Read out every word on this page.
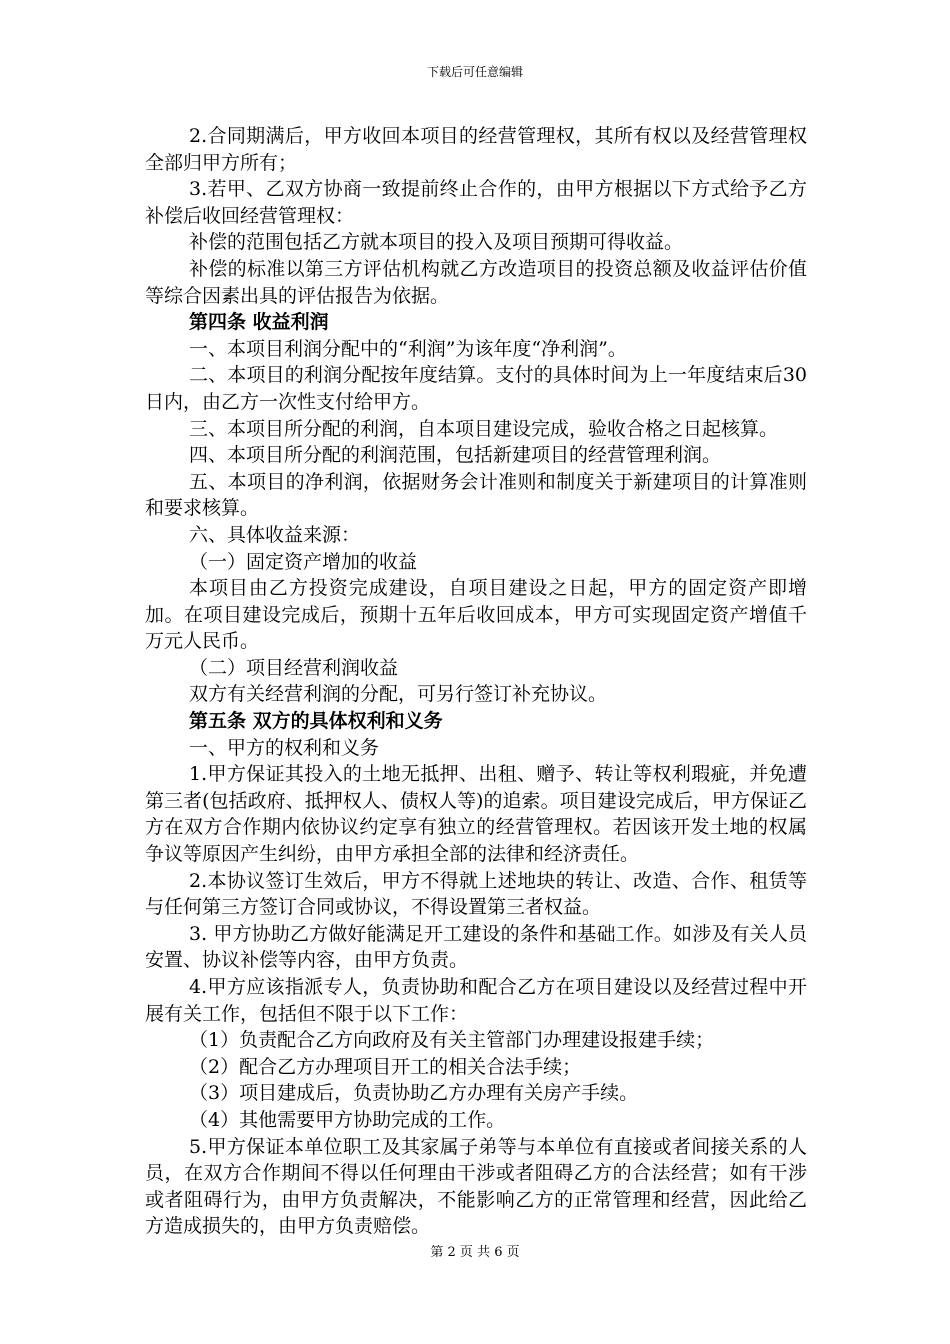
下载后可任意编辑

2.合同期满后，甲方收回本项目的经营管理权，其所有权以及经营管理权全部归甲方所有；

3.若甲、乙双方协商一致提前终止合作的，由甲方根据以下方式给予乙方补偿后收回经营管理权：

补偿的范围包括乙方就本项目的投入及项目预期可得收益。

补偿的标准以第三方评估机构就乙方改造项目的投资总额及收益评估价值等综合因素出具的评估报告为依据。

第四条 收益利润

一、本项目利润分配中的“利润”为该年度“净利润”。

二、本项目的利润分配按年度结算。支付的具体时间为上一年度结束后30日内，由乙方一次性支付给甲方。

三、本项目所分配的利润，自本项目建设完成，验收合格之日起核算。

四、本项目所分配的利润范围，包括新建项目的经营管理利润。

五、本项目的净利润，依据财务会计准则和制度关于新建项目的计算准则和要求核算。

六、具体收益来源：

（一）固定资产增加的收益

本项目由乙方投资完成建设，自项目建设之日起，甲方的固定资产即增加。在项目建设完成后，预期十五年后收回成本，甲方可实现固定资产增值千万元人民币。

（二）项目经营利润收益

双方有关经营利润的分配，可另行签订补充协议。

第五条 双方的具体权利和义务

一、甲方的权利和义务

1.甲方保证其投入的土地无抵押、出租、赠予、转让等权利瑕疵，并免遭第三者(包括政府、抵押权人、债权人等)的追索。项目建设完成后，甲方保证乙方在双方合作期内依协议约定享有独立的经营管理权。若因该开发土地的权属争议等原因产生纠纷，由甲方承担全部的法律和经济责任。

2.本协议签订生效后，甲方不得就上述地块的转让、改造、合作、租赁等与任何第三方签订合同或协议，不得设置第三者权益。

3. 甲方协助乙方做好能满足开工建设的条件和基础工作。如涉及有关人员安置、协议补偿等内容，由甲方负责。

4.甲方应该指派专人，负责协助和配合乙方在项目建设以及经营过程中开展有关工作，包括但不限于以下工作：

（1）负责配合乙方向政府及有关主管部门办理建设报建手续；

（2）配合乙方办理项目开工的相关合法手续；

（3）项目建成后，负责协助乙方办理有关房产手续。

（4）其他需要甲方协助完成的工作。

5.甲方保证本单位职工及其家属子弟等与本单位有直接或者间接关系的人员，在双方合作期间不得以任何理由干涉或者阻碍乙方的合法经营；如有干涉或者阻碍行为，由甲方负责解决，不能影响乙方的正常管理和经营，因此给乙方造成损失的，由甲方负责赔偿。

第 2 页 共 6 页
